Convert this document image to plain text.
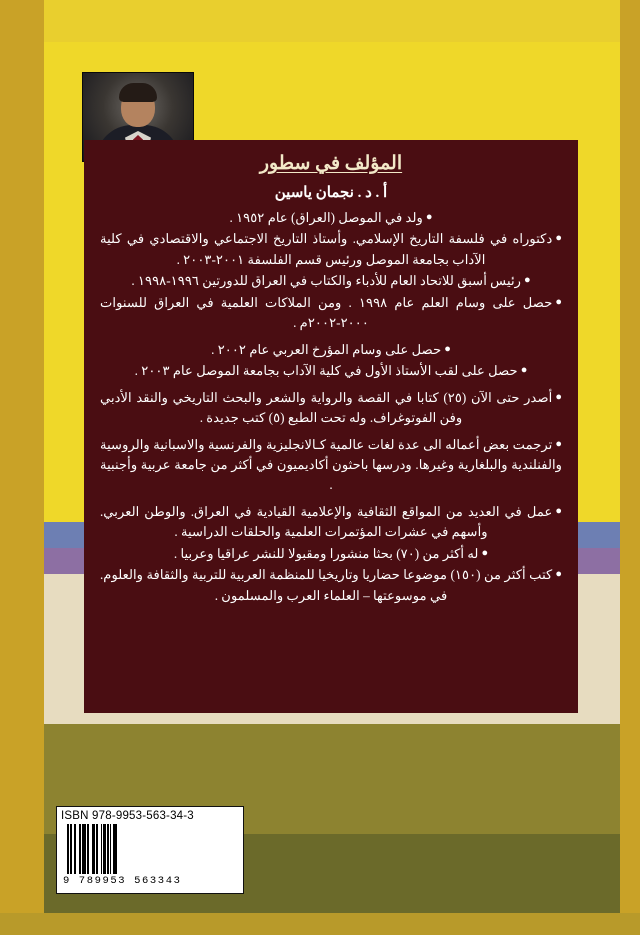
المؤلف في سطور
أ . د . نجمان ياسين
●ولد في الموصل (العراق) عام ١٩٥٢ .
●دكتوراه في فلسفة التاريخ الإسلامي. وأستاذ التاريخ الاجتماعي والاقتصادي في كلية الآداب بجامعة الموصل ورئيس قسم الفلسفة ٢٠٠١-٢٠٠٣ .
●رئيس أسبق للاتحاد العام للأدباء والكتاب في العراق للدورتين ١٩٩٦-١٩٩٨ .
●حصل على وسام العلم عام ١٩٩٨ . ومن الملاكات العلمية في العراق للسنوات ٢٠٠٠-٢٠٠٢م .
●حصل على وسام المؤرخ العربي عام ٢٠٠٢ .
●حصل على لقب الأستاذ الأول في كلية الآداب بجامعة الموصل عام ٢٠٠٣ .
●أصدر حتى الآن (٢٥) كتابا في القصة والرواية والشعر والبحث التاريخي والنقد الأدبي وفن الفوتوغراف. وله تحت الطبع (٥) كتب جديدة .
●ترجمت بعض أعماله الى عدة لغات عالمية كـالانجليزية والفرنسية والاسبانية والروسية والفنلندية والبلغارية وغيرها. ودرسها باحثون أكاديميون في أكثر من جامعة عربية وأجنبية .
●عمل في العديد من المواقع الثقافية والإعلامية القيادية في العراق. والوطن العربي. وأسهم في عشرات المؤتمرات العلمية والحلقات الدراسية .
●له أكثر من (٧٠) بحثا منشورا ومقبولا للنشر عراقيا وعربيا .
●كتب أكثر من (١٥٠) موضوعا حضاريا وتاريخيا للمنظمة العربية للتربية والثقافة والعلوم. في موسوعتها – العلماء العرب والمسلمون .
ISBN 978-9953-563-34-3
9 789953 563343
